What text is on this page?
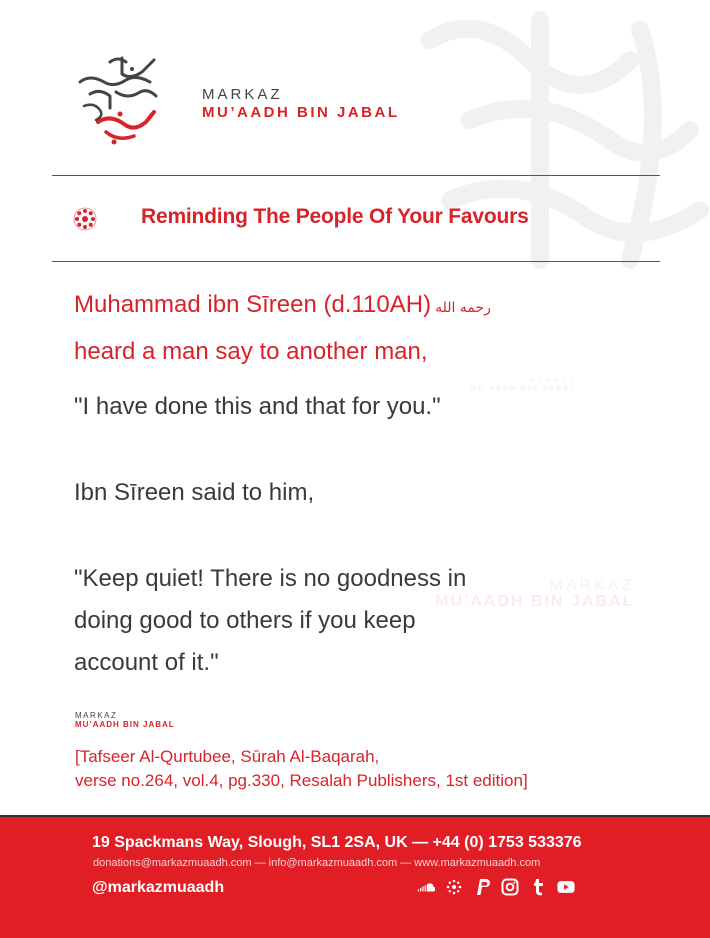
MARKAZ
MU’AADH BIN JABAL
Reminding The People Of Your Favours
Muhammad ibn Sīreen (d.110AH) رحمه الله
heard a man say to another man,
MARKAZ
MU’AADH BIN JABAL
"I have done this and that for you."
Ibn Sīreen said to him,
MARKAZ
MU’AADH BIN JABAL
"Keep quiet! There is no goodness in
doing good to others if you keep
account of it."
MARKAZ
MU’AADH BIN JABAL
[Tafseer Al-Qurtubee, Sūrah Al-Baqarah,
verse no.264, vol.4, pg.330, Resalah Publishers, 1st edition]
19 Spackmans Way, Slough, SL1 2SA, UK — +44 (0) 1753 533376
donations@markazmuaadh.com — info@markazmuaadh.com — www.markazmuaadh.com
@markazmuaadh
